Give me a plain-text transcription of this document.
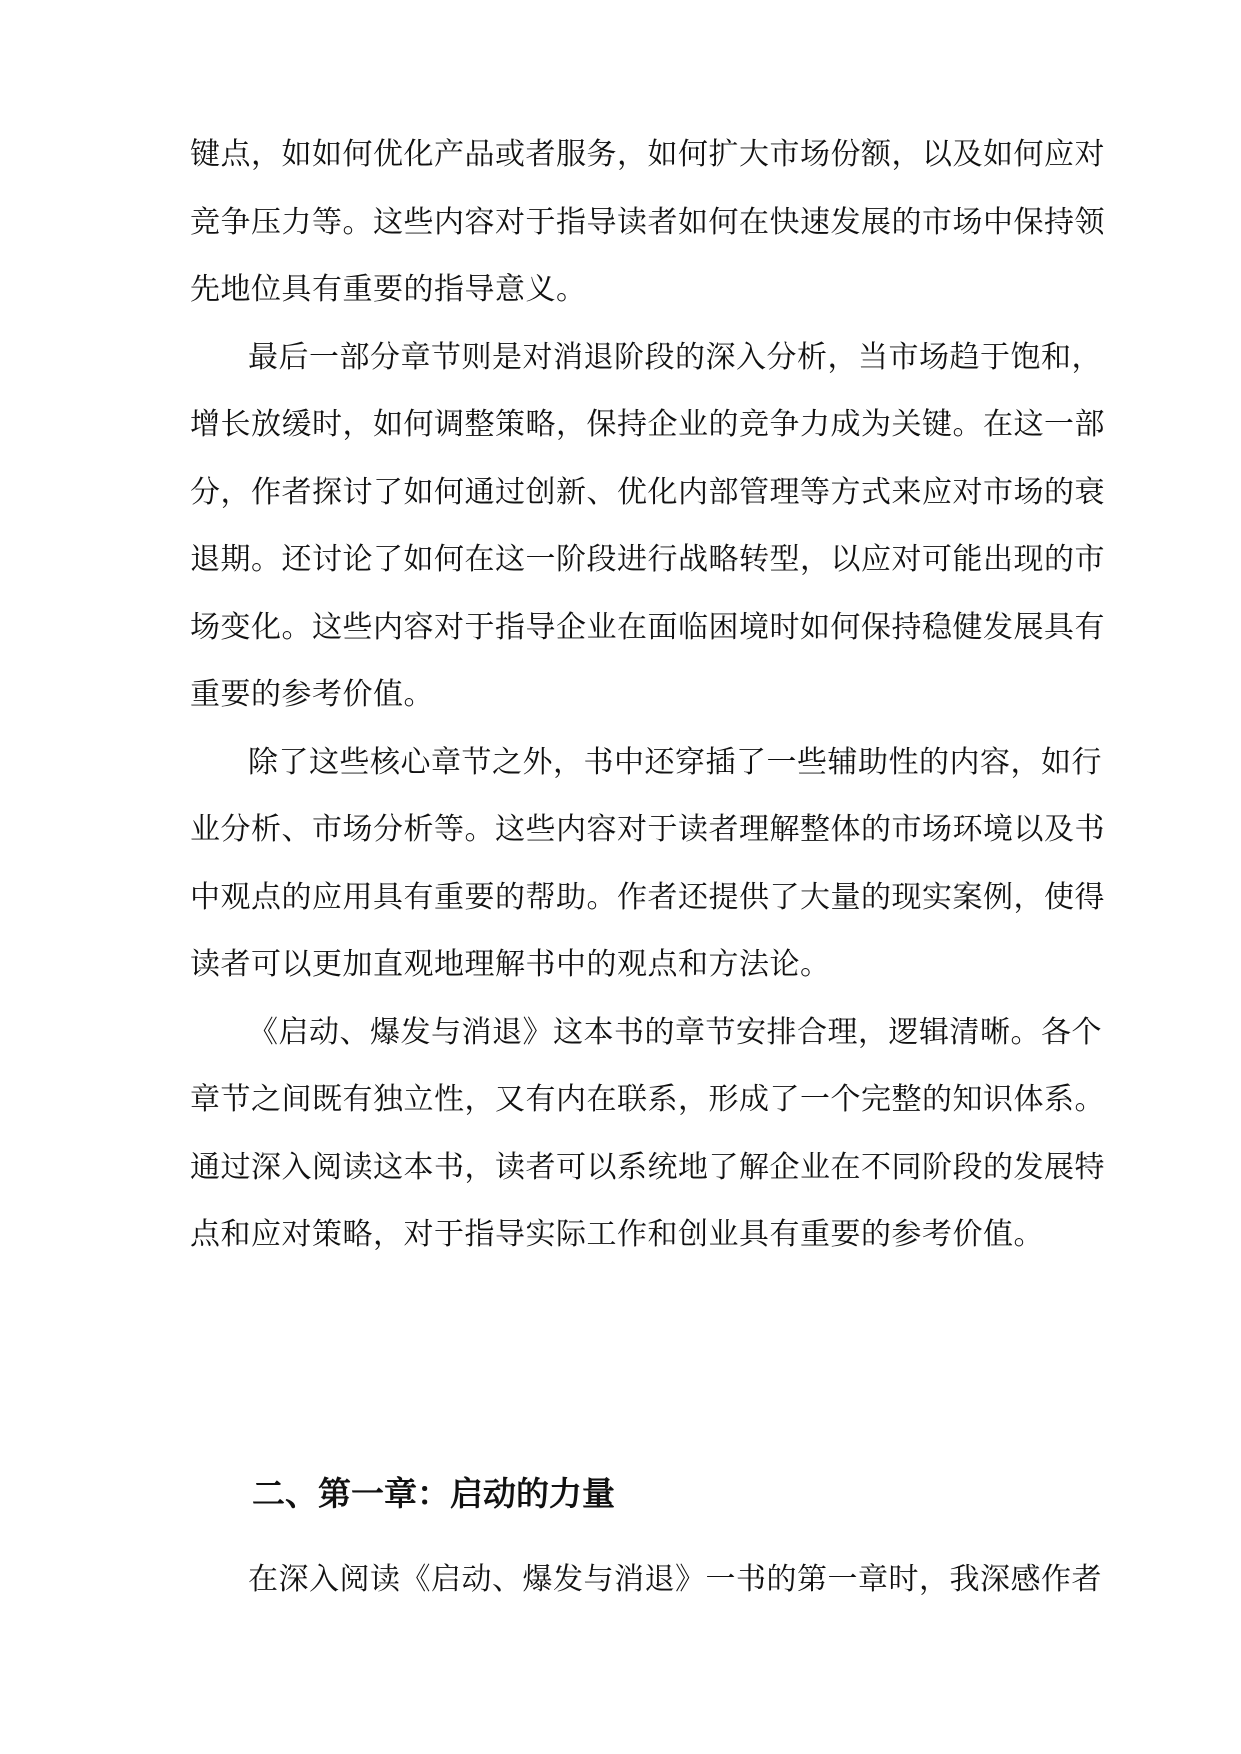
键点，如如何优化产品或者服务，如何扩大市场份额，以及如何应对
竞争压力等。这些内容对于指导读者如何在快速发展的市场中保持领
先地位具有重要的指导意义。
最后一部分章节则是对消退阶段的深入分析，当市场趋于饱和，
增长放缓时，如何调整策略，保持企业的竞争力成为关键。在这一部
分，作者探讨了如何通过创新、优化内部管理等方式来应对市场的衰
退期。还讨论了如何在这一阶段进行战略转型，以应对可能出现的市
场变化。这些内容对于指导企业在面临困境时如何保持稳健发展具有
重要的参考价值。
除了这些核心章节之外，书中还穿插了一些辅助性的内容，如行
业分析、市场分析等。这些内容对于读者理解整体的市场环境以及书
中观点的应用具有重要的帮助。作者还提供了大量的现实案例，使得
读者可以更加直观地理解书中的观点和方法论。
《启动、爆发与消退》这本书的章节安排合理，逻辑清晰。各个
章节之间既有独立性，又有内在联系，形成了一个完整的知识体系。
通过深入阅读这本书，读者可以系统地了解企业在不同阶段的发展特
点和应对策略，对于指导实际工作和创业具有重要的参考价值。
二、第一章：启动的力量
在深入阅读《启动、爆发与消退》一书的第一章时，我深感作者
